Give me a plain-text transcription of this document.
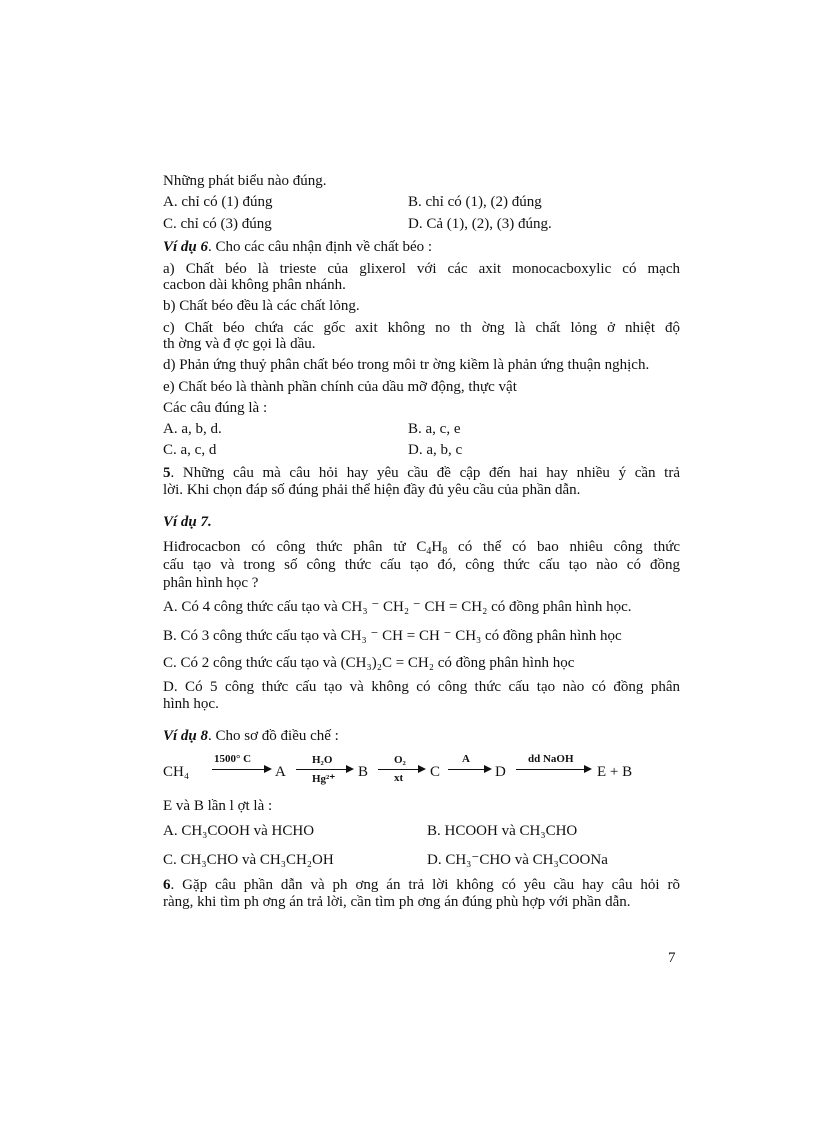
Những phát biểu nào đúng.
A. chỉ có (1) đúng	B. chỉ có (1), (2) đúng
C. chỉ có (3) đúng	D. Cả (1), (2), (3) đúng.
Ví dụ 6. Cho các câu nhận định về chất béo :
a) Chất béo là trieste của glixerol với các axit monocacboxylic có mạch
cacbon dài không phân nhánh.
b) Chất béo đều là các chất lỏng.
c) Chất béo chứa các gốc axit không no th ờng là chất lỏng ở nhiệt độ
th ờng và đ ợc gọi là dầu.
d) Phản ứng thuỷ phân chất béo trong môi tr ờng kiềm là phản ứng thuận nghịch.
e) Chất béo là thành phần chính của dầu mỡ động, thực vật
Các câu đúng là :
A. a, b, d.	B. a, c, e
C. a, c, d	D. a, b, c
5. Những câu mà câu hỏi hay yêu cầu đề cập đến hai hay nhiều ý cần trả
lời. Khi chọn đáp số đúng phải thể hiện đầy đủ yêu cầu của phần dẫn.
Ví dụ 7.
Hiđrocacbon có công thức phân tử $C_4H_8$ có thể có bao nhiêu công thức
cấu tạo và trong số công thức cấu tạo đó, công thức cấu tạo nào có đồng
phân hình học ?
A. Có 4 công thức cấu tạo và CH₃ ⁻ CH₂ ⁻ CH = CH₂ có đồng phân hình học.
B. Có 3 công thức cấu tạo và CH₃ ⁻ CH = CH ⁻ CH₃ có đồng phân hình học
C. Có 2 công thức cấu tạo và (CH₃)₂C = CH₂ có đồng phân hình học
D. Có 5 công thức cấu tạo và không có công thức cấu tạo nào có đồng phân
hình học.
Ví dụ 8. Cho sơ đồ điều chế :
CH₄
1500° C
A
H₂O
Hg²⁺ B
O₂
xt C
A
D
dd NaOH
E + B
E và B lần l ợt là :
A. CH₃COOH và HCHO	B. HCOOH và CH₃CHO
C. CH₃CHO và CH₃CH₂OH	D. CH₃⁻CHO và CH₃COONa
6. Gặp câu phần dẫn và ph ơng án trả lời không có yêu cầu hay câu hỏi rõ
ràng, khi tìm ph ơng án trả lời, cần tìm ph ơng án đúng phù hợp với phần dẫn.
7
